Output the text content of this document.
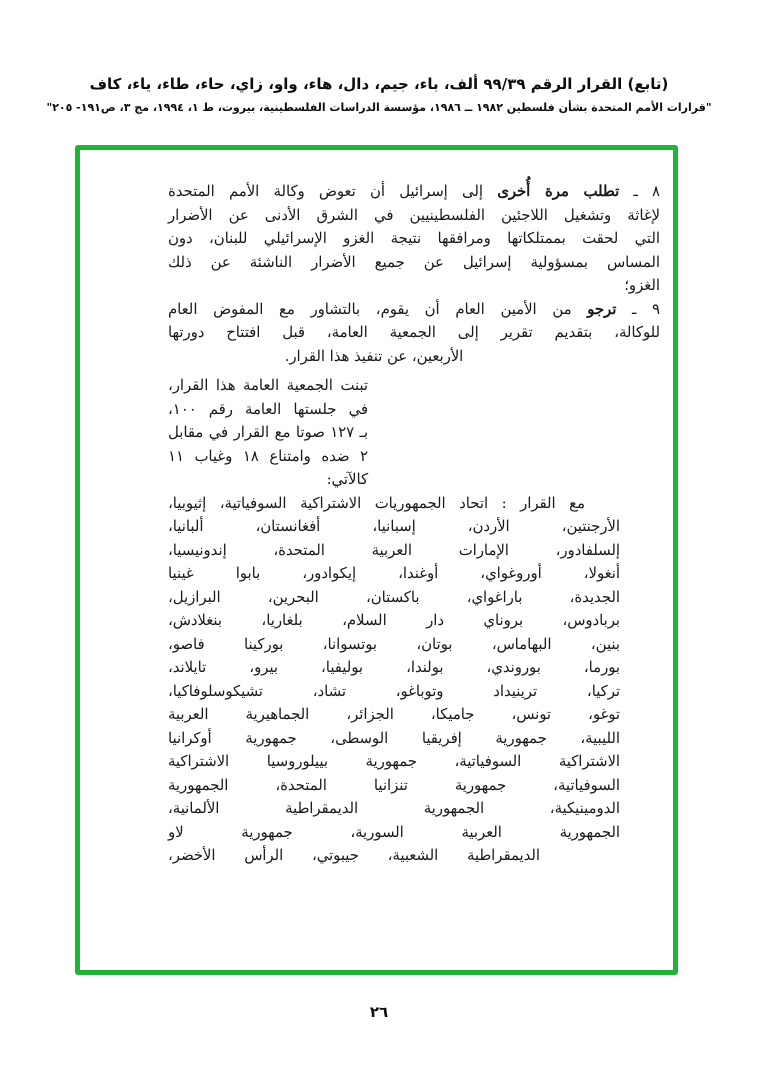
(تابع) القرار الرقم ٩٩/٣٩ ألف، باء، جيم، دال، هاء، واو، زاي، حاء، طاء، ياء، كاف
"قرارات الأمم المتحدة بشأن فلسطين ١٩٨٢ ــ ١٩٨٦، مؤسسة الدراسات الفلسطينية، بيروت، ط ١، ١٩٩٤، مج ٣، ص١٩١- ٢٠٥"
٨ ـ تطلب مرة أُخرى إلى إسرائيل أن تعوض وكالة الأمم المتحدة
لإغاثة وتشغيل اللاجئين الفلسطينيين في الشرق الأدنى عن الأضرار
التي لحقت بممتلكاتها ومرافقها نتيجة الغزو الإسرائيلي للبنان، دون
المساس بمسؤولية إسرائيل عن جميع الأضرار الناشئة عن ذلك
الغزو؛
٩ ـ ترجو من الأمين العام أن يقوم، بالتشاور مع المفوض العام
للوكالة، بتقديم تقرير إلى الجمعية العامة، قبل افتتاح دورتها
الأربعين، عن تنفيذ هذا القرار.
تبنت الجمعية العامة هذا القرار،
في جلستها العامة رقم ١٠٠،
بـ ١٢٧ صوتا مع القرار في مقابل
٢ ضده وامتناع ١٨ وغياب ١١
كالآتي:
مع القرار : اتحاد الجمهوريات الاشتراكية السوفياتية، إثيوبيا،
الأرجنتين، الأردن، إسبانيا، أفغانستان، ألبانيا،
إلسلفادور، الإمارات العربية المتحدة، إندونيسيا،
أنغولا، أوروغواي، أوغندا، إيكوادور، بابوا غينيا
الجديدة، باراغواي، باكستان، البحرين، البرازيل،
بربادوس، بروناي دار السلام، بلغاريا، بنغلادش،
بنين، البهاماس، بوتان، بوتسوانا، بوركينا فاصو،
بورما، بوروندي، بولندا، بوليفيا، بيرو، تايلاند،
تركيا، ترينيداد وتوباغو، تشاد، تشيكوسلوفاكيا،
توغو، تونس، جاميكا، الجزائر، الجماهيرية العربية
الليبية، جمهورية إفريقيا الوسطى، جمهورية أوكرانيا
الاشتراكية السوفياتية، جمهورية بييلوروسيا الاشتراكية
السوفياتية، جمهورية تنزانيا المتحدة، الجمهورية
الدومينيكية، الجمهورية الديمقراطية الألمانية،
الجمهورية العربية السورية، جمهورية لاو
الديمقراطية الشعبية، جيبوتي، الرأس الأخضر،
٢٦
